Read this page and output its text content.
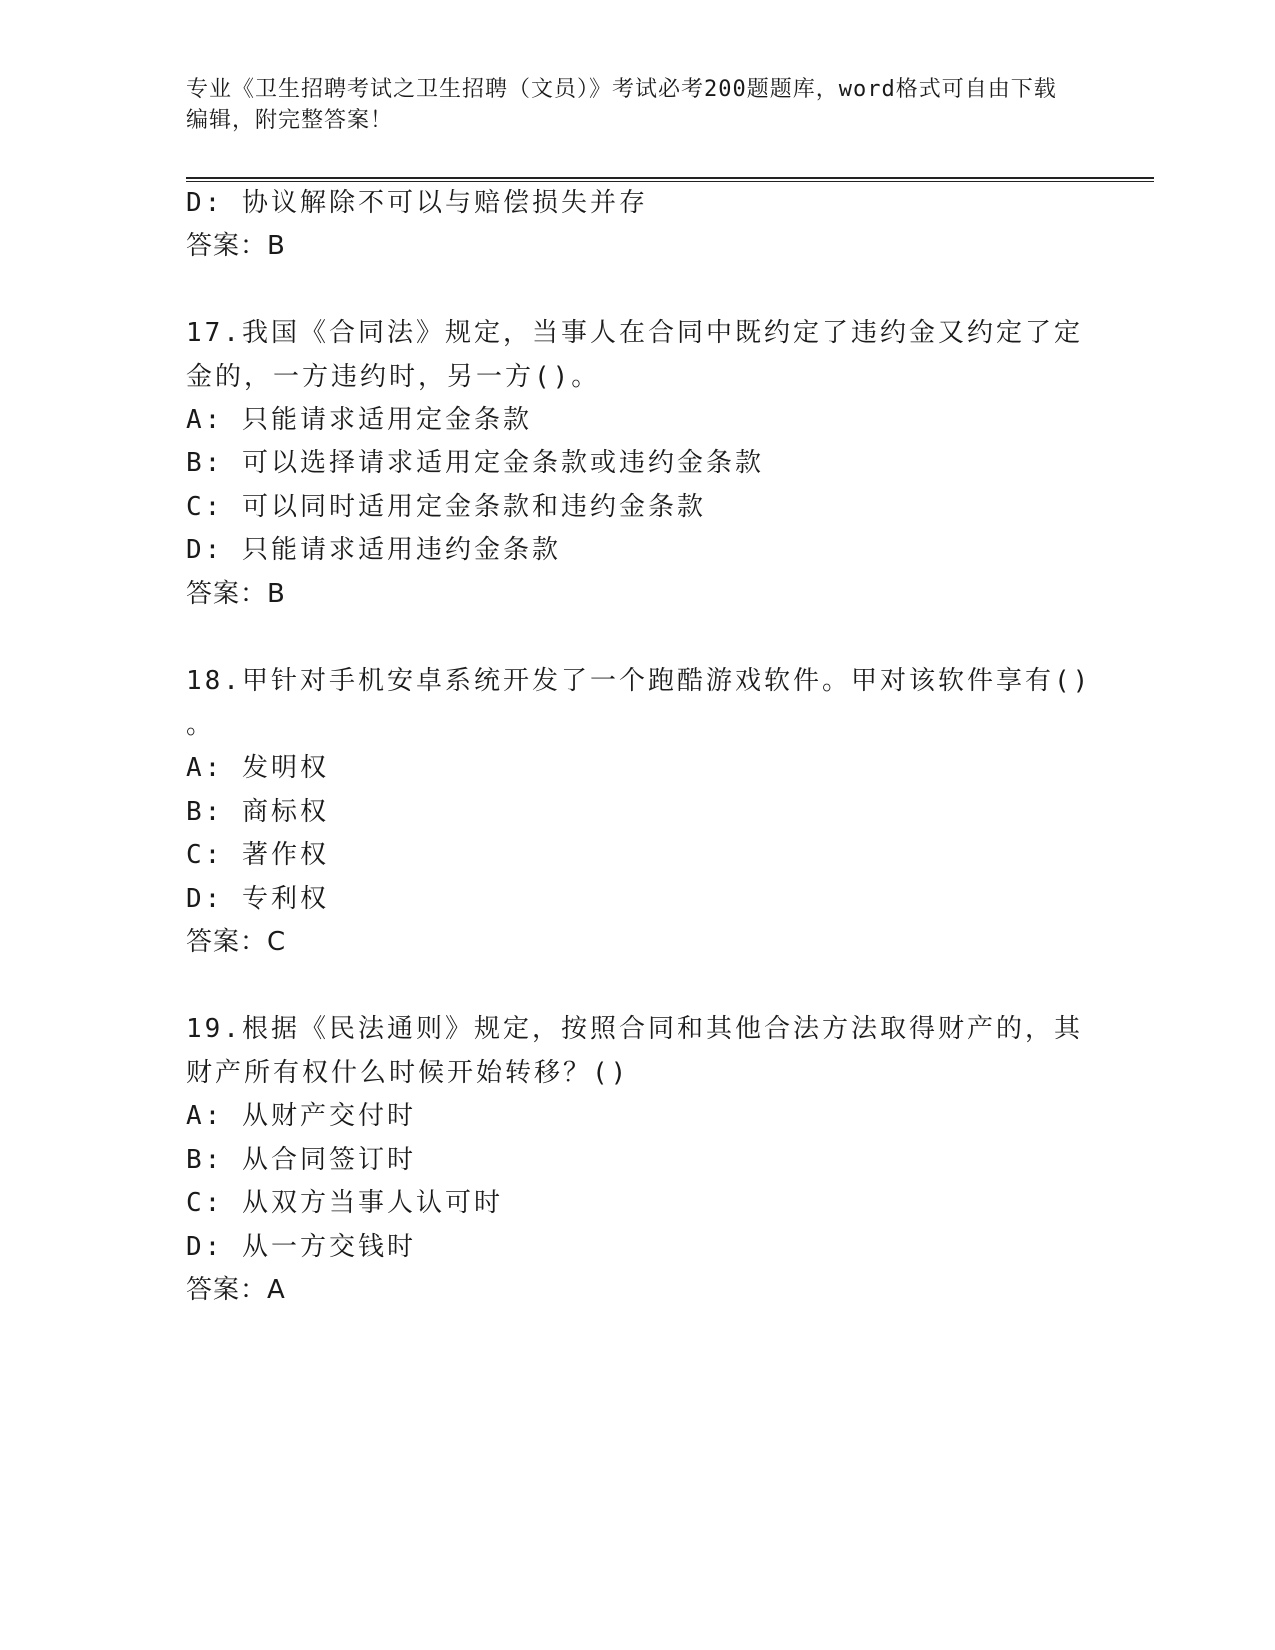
专业《卫生招聘考试之卫生招聘（文员）》考试必考200题题库，word格式可自由下载编辑，附完整答案！
D: 协议解除不可以与赔偿损失并存
答案：B
17.我国《合同法》规定，当事人在合同中既约定了违约金又约定了定
金的，一方违约时，另一方()。
A: 只能请求适用定金条款
B: 可以选择请求适用定金条款或违约金条款
C: 可以同时适用定金条款和违约金条款
D: 只能请求适用违约金条款
答案：B
18.甲针对手机安卓系统开发了一个跑酷游戏软件。甲对该软件享有()
。
A: 发明权
B: 商标权
C: 著作权
D: 专利权
答案：C
19.根据《民法通则》规定，按照合同和其他合法方法取得财产的，其
财产所有权什么时候开始转移？()
A: 从财产交付时
B: 从合同签订时
C: 从双方当事人认可时
D: 从一方交钱时
答案：A
